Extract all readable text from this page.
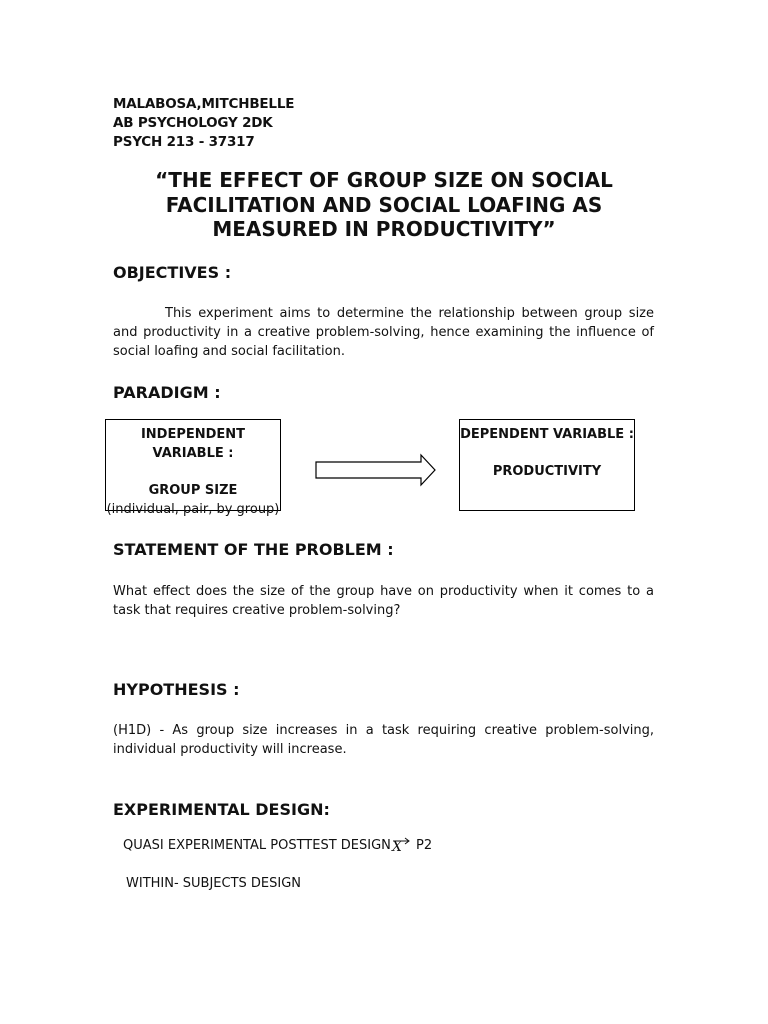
MALABOSA,MITCHBELLE
AB PSYCHOLOGY 2DK
PSYCH 213 - 37317
“THE EFFECT OF GROUP SIZE ON SOCIAL
FACILITATION AND SOCIAL LOAFING AS
MEASURED IN PRODUCTIVITY”
OBJECTIVES :
This experiment aims to determine the relationship between group size and productivity in a creative problem-solving, hence examining the influence of social loafing and social facilitation.
PARADIGM :
INDEPENDENT VARIABLE :
GROUP SIZE
(individual, pair, by group)
DEPENDENT VARIABLE :
PRODUCTIVITY
STATEMENT OF THE PROBLEM :
What effect does the size of the group have on productivity when it comes to a task that requires creative problem-solving?
HYPOTHESIS :
(H1D) - As group size increases in a task requiring creative problem-solving, individual productivity will increase.
EXPERIMENTAL DESIGN:
QUASI EXPERIMENTAL POSTTEST DESIGN X P2
WITHIN- SUBJECTS DESIGN
